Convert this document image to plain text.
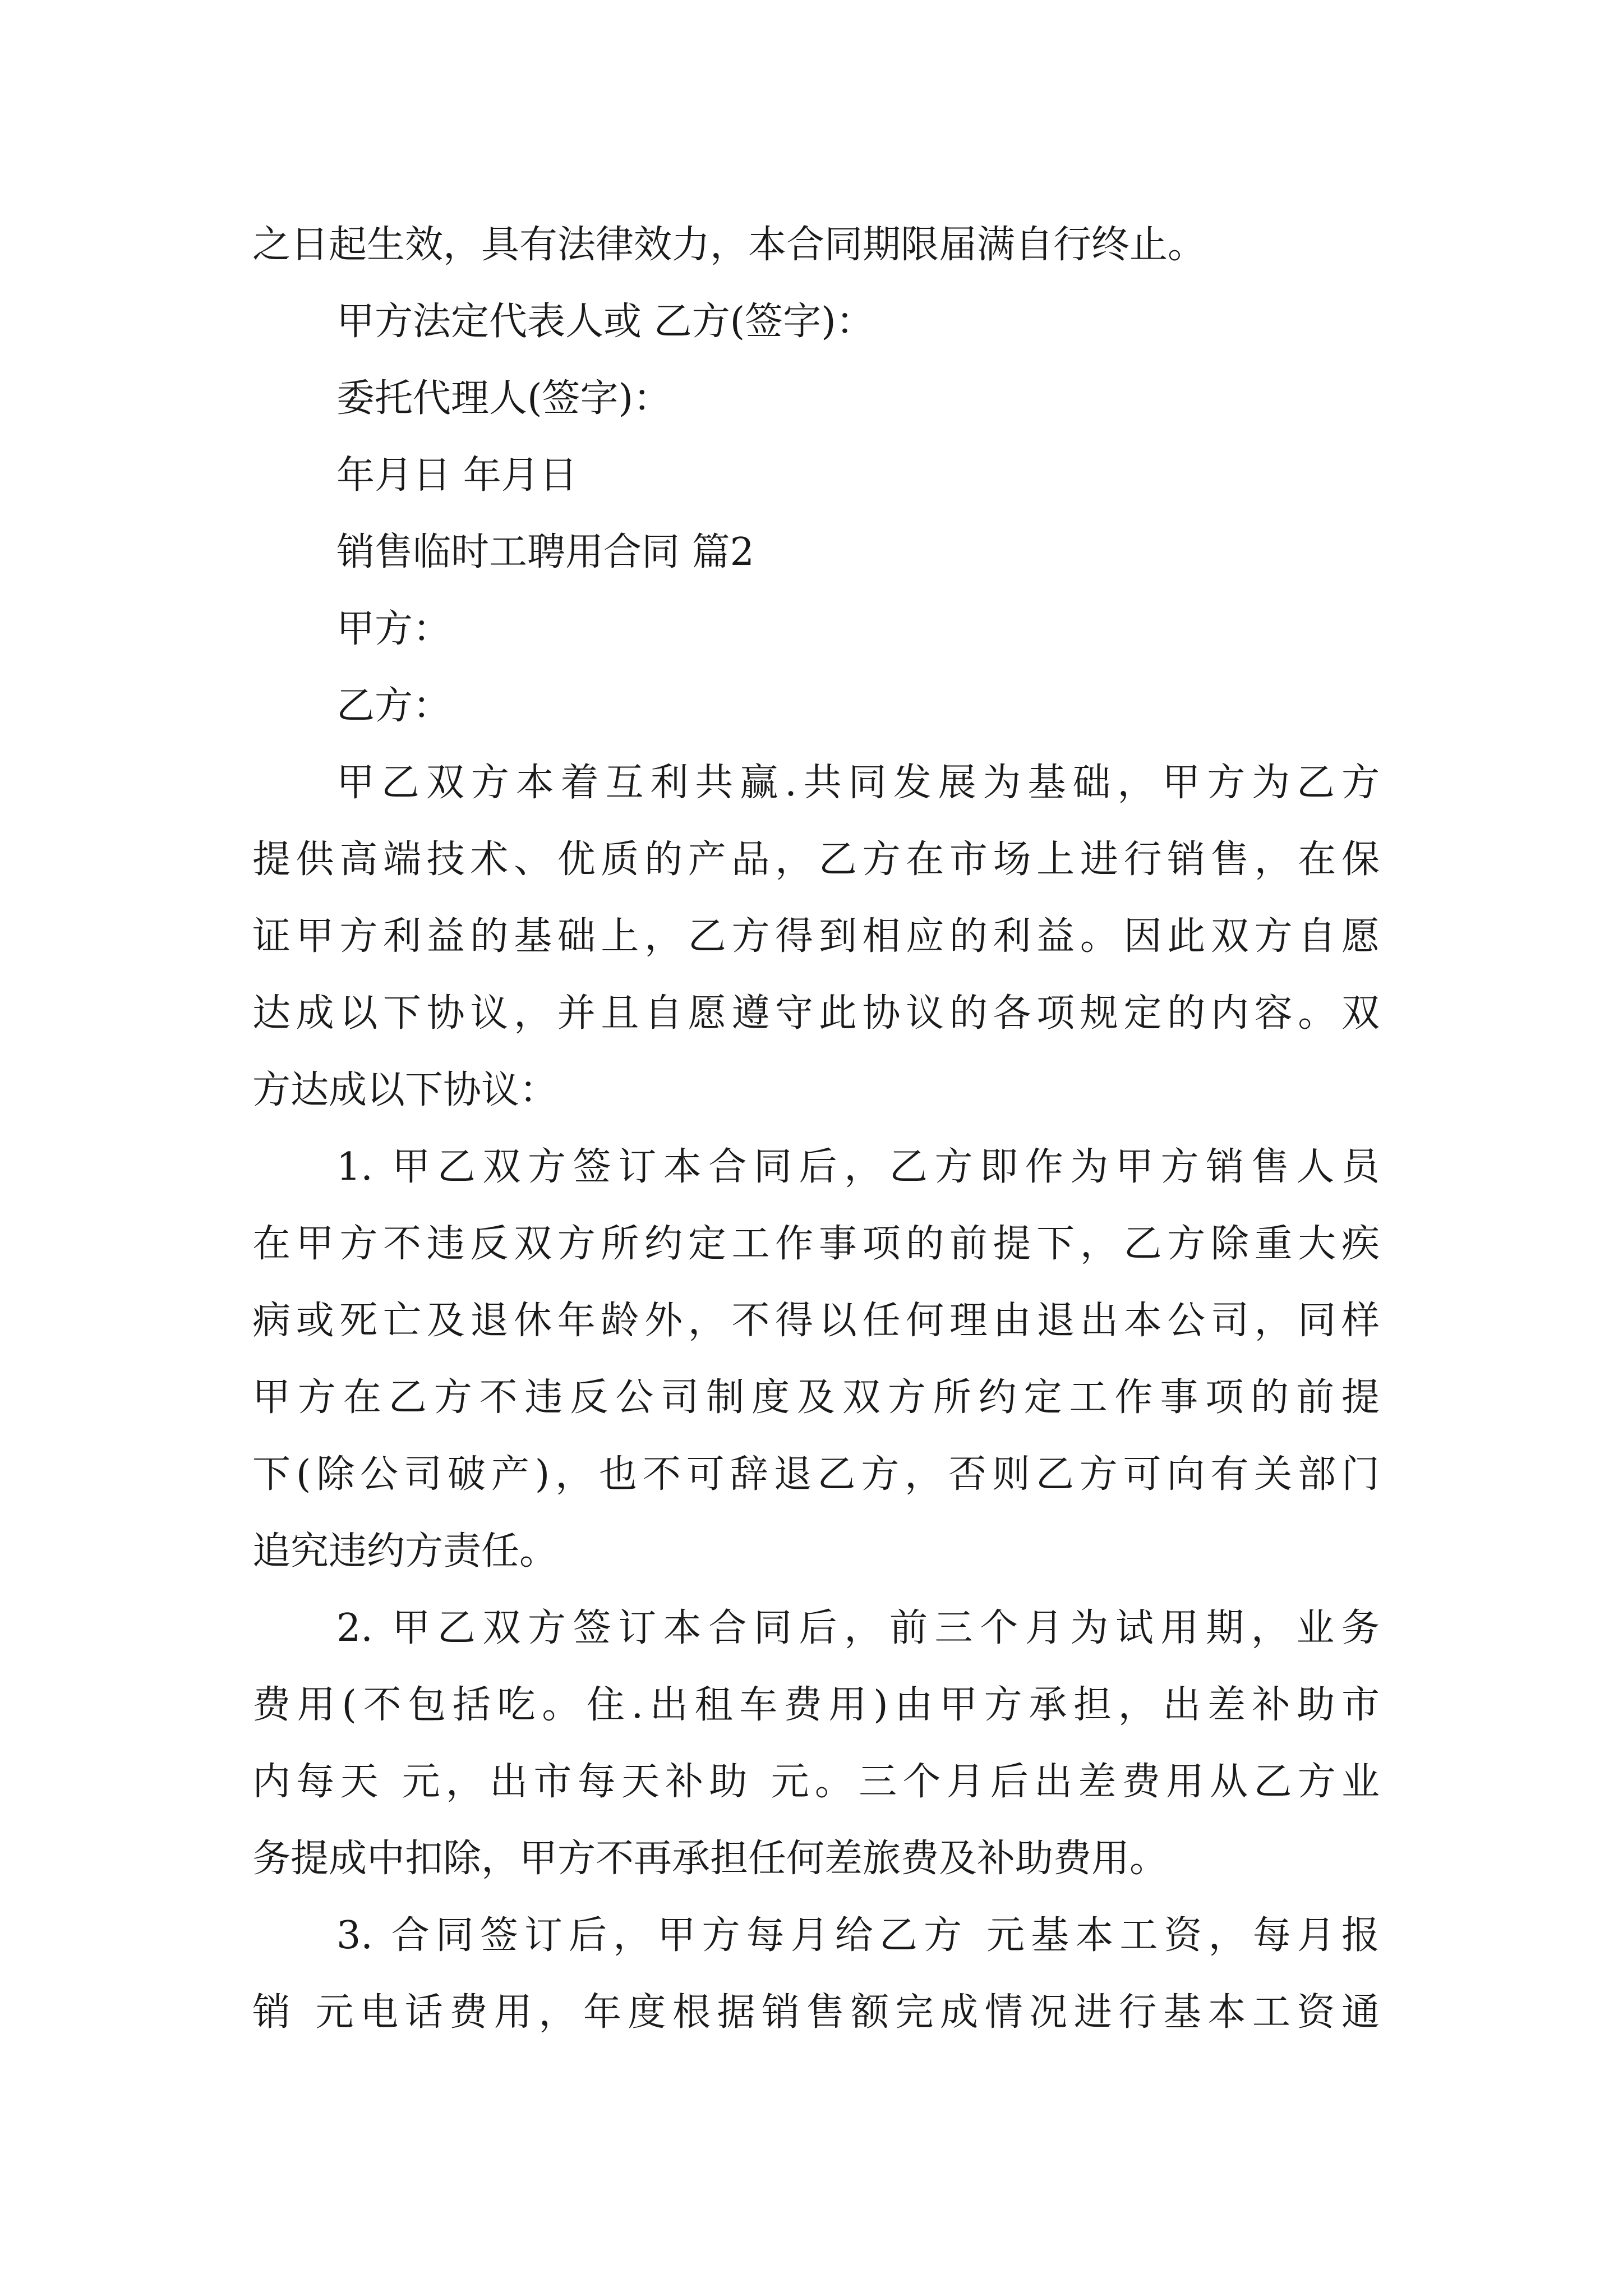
之日起生效，具有法律效力，本合同期限届满自行终止。
甲方法定代表人或 乙方(签字)：
委托代理人(签字)：
年月日 年月日
销售临时工聘用合同 篇2
甲方：
乙方：
甲乙双方本着互利共赢.共同发展为基础，甲方为乙方
提供高端技术、优质的产品，乙方在市场上进行销售，在保
证甲方利益的基础上，乙方得到相应的利益。因此双方自愿
达成以下协议，并且自愿遵守此协议的各项规定的内容。双
方达成以下协议：
1. 甲乙双方签订本合同后，乙方即作为甲方销售人员
在甲方不违反双方所约定工作事项的前提下，乙方除重大疾
病或死亡及退休年龄外，不得以任何理由退出本公司，同样
甲方在乙方不违反公司制度及双方所约定工作事项的前提
下(除公司破产)，也不可辞退乙方，否则乙方可向有关部门
追究违约方责任。
2. 甲乙双方签订本合同后，前三个月为试用期，业务
费用(不包括吃。住.出租车费用)由甲方承担，出差补助市
内每天 元，出市每天补助 元。三个月后出差费用从乙方业
务提成中扣除，甲方不再承担任何差旅费及补助费用。
3. 合同签订后，甲方每月给乙方 元基本工资，每月报
销 元电话费用，年度根据销售额完成情况进行基本工资通
